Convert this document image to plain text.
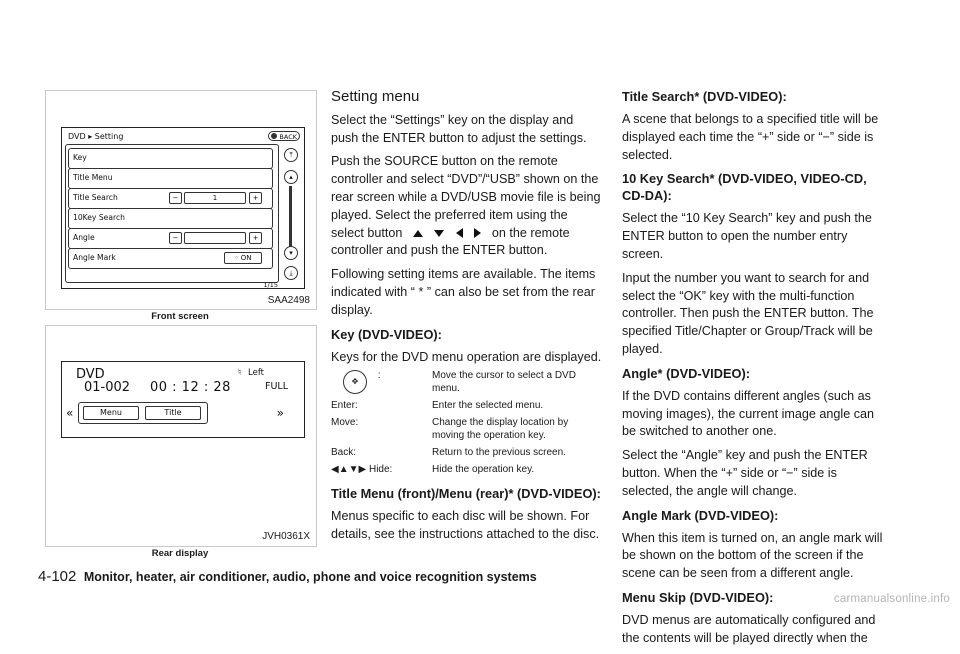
DVD ▸ Setting	BACK
Key
Title Menu
Title Search	−	1	+
10Key Search
Angle	−	+
Angle Mark	◦ ON
⤒
▴
▾
⤓
1/15
SAA2498
Front screen
DVD
01-002 00 : 12 : 28
♮ Left
FULL
«	Menu	Title	»
JVH0361X
Rear display
Setting menu

Select the “Settings” key on the display and push the ENTER button to adjust the settings.

Push the SOURCE button on the remote controller and select “DVD”/“USB” shown on the rear screen while a DVD/USB movie file is being played. Select the preferred item using the select button	on the remote controller and push the ENTER button.

Following setting items are available. The items indicated with “ * ” can also be set from the rear display.

Key (DVD-VIDEO):

Keys for the DVD menu operation are displayed.

✥ :	Move the cursor to select a DVD menu.
Enter:	Enter the selected menu.
Move:	Change the display location by moving the operation key.
Back:	Return to the previous screen.
◀▲▼▶ Hide:	Hide the operation key.
Title Menu (front)/Menu (rear)* (DVD-VIDEO):

Menus specific to each disc will be shown. For details, see the instructions attached to the disc.

Title Search* (DVD-VIDEO):

A scene that belongs to a specified title will be displayed each time the “+” side or “−” side is selected.

10 Key Search* (DVD-VIDEO, VIDEO-CD, CD-DA):

Select the “10 Key Search” key and push the ENTER button to open the number entry screen.

Input the number you want to search for and select the “OK” key with the multi-function controller. Then push the ENTER button. The specified Title/Chapter or Group/Track will be played.

Angle* (DVD-VIDEO):

If the DVD contains different angles (such as moving images), the current image angle can be switched to another one.

Select the “Angle” key and push the ENTER button. When the “+” side or “−” side is selected, the angle will change.

Angle Mark (DVD-VIDEO):

When this item is turned on, an angle mark will be shown on the bottom of the screen if the scene can be seen from a different angle.

Menu Skip (DVD-VIDEO):

DVD menus are automatically configured and the contents will be played directly when the

4-102 Monitor, heater, air conditioner, audio, phone and voice recognition systems
carmanualsonline.info
